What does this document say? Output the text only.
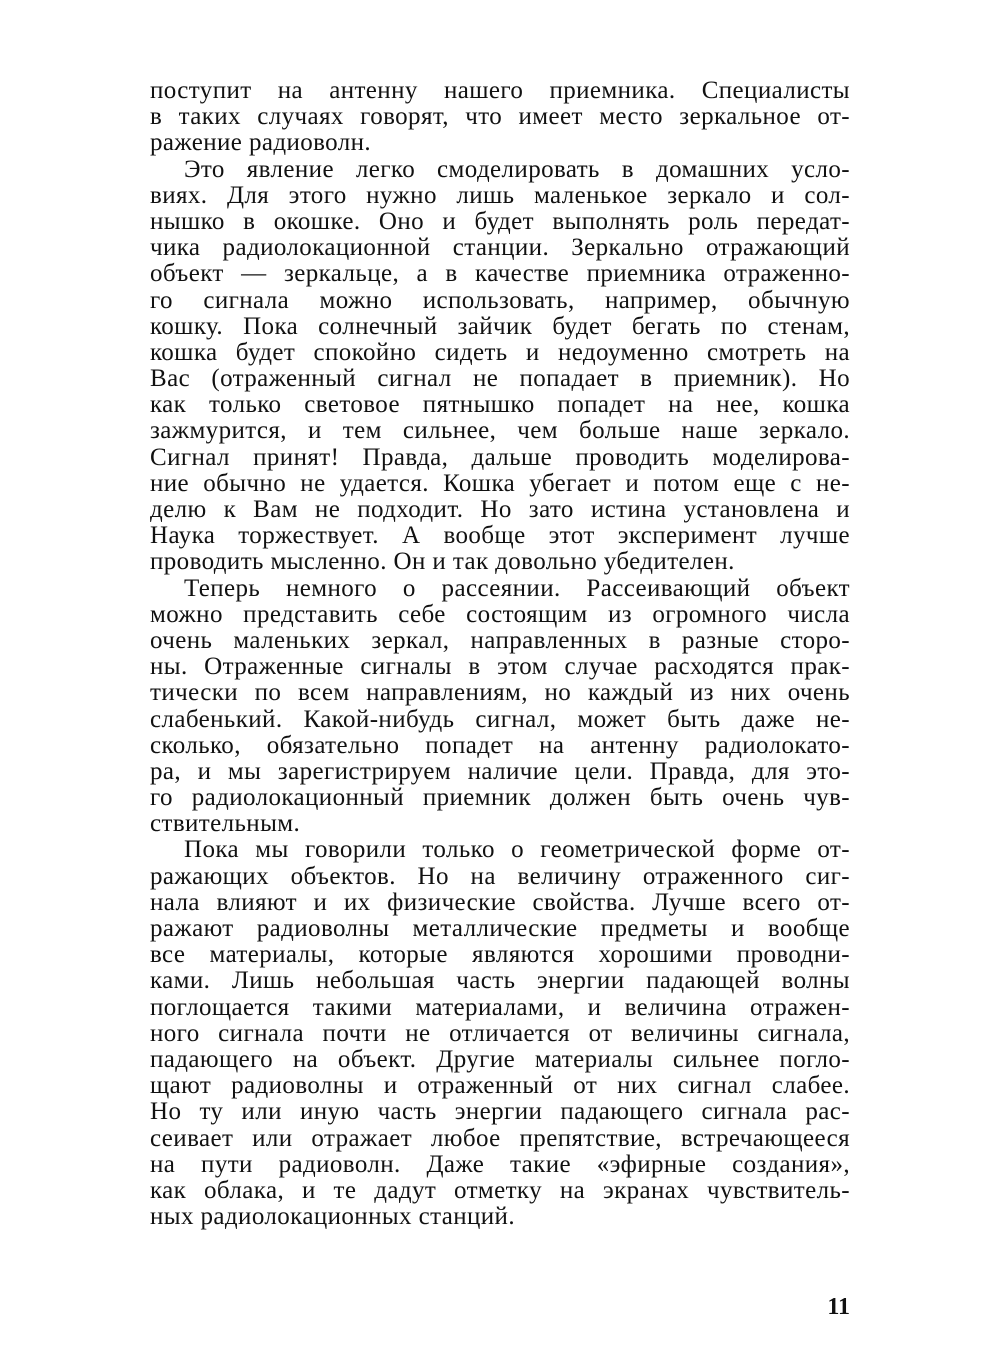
поступит на антенну нашего приемника. Специалисты
в таких случаях говорят, что имеет место зеркальное от-
ражение радиоволн.
Это явление легко смоделировать в домашних усло-
виях. Для этого нужно лишь маленькое зеркало и сол-
нышко в окошке. Оно и будет выполнять роль передат-
чика радиолокационной станции. Зеркально отражающий
объект — зеркальце, а в качестве приемника отраженно-
го сигнала можно использовать, например, обычную
кошку. Пока солнечный зайчик будет бегать по стенам,
кошка будет спокойно сидеть и недоуменно смотреть на
Вас (отраженный сигнал не попадает в приемник). Но
как только световое пятнышко попадет на нее, кошка
зажмурится, и тем сильнее, чем больше наше зеркало.
Сигнал принят! Правда, дальше проводить моделирова-
ние обычно не удается. Кошка убегает и потом еще с не-
делю к Вам не подходит. Но зато истина установлена и
Наука торжествует. А вообще этот эксперимент лучше
проводить мысленно. Он и так довольно убедителен.
Теперь немного о рассеянии. Рассеивающий объект
можно представить себе состоящим из огромного числа
очень маленьких зеркал, направленных в разные сторо-
ны. Отраженные сигналы в этом случае расходятся прак-
тически по всем направлениям, но каждый из них очень
слабенький. Какой-нибудь сигнал, может быть даже не-
сколько, обязательно попадет на антенну радиолокато-
ра, и мы зарегистрируем наличие цели. Правда, для это-
го радиолокационный приемник должен быть очень чув-
ствительным.
Пока мы говорили только о геометрической форме от-
ражающих объектов. Но на величину отраженного сиг-
нала влияют и их физические свойства. Лучше всего от-
ражают радиоволны металлические предметы и вообще
все материалы, которые являются хорошими проводни-
ками. Лишь небольшая часть энергии падающей волны
поглощается такими материалами, и величина отражен-
ного сигнала почти не отличается от величины сигнала,
падающего на объект. Другие материалы сильнее погло-
щают радиоволны и отраженный от них сигнал слабее.
Но ту или иную часть энергии падающего сигнала рас-
сеивает или отражает любое препятствие, встречающееся
на пути радиоволн. Даже такие «эфирные создания»,
как облака, и те дадут отметку на экранах чувствитель-
ных радиолокационных станций.
11
